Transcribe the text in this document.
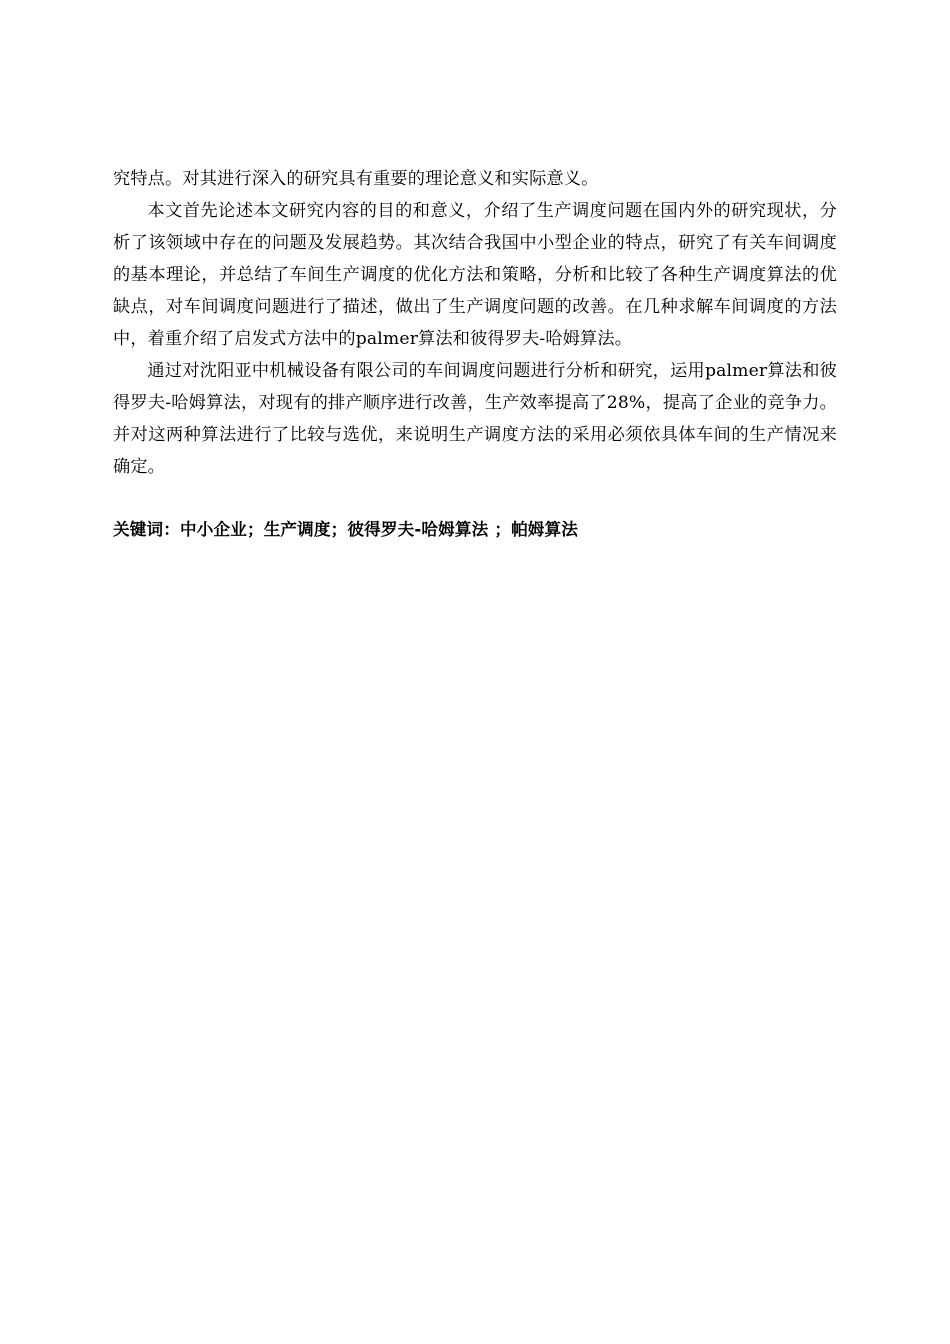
究特点。对其进行深入的研究具有重要的理论意义和实际意义。

本文首先论述本文研究内容的目的和意义，介绍了生产调度问题在国内外的研究现状，分析了该领域中存在的问题及发展趋势。其次结合我国中小型企业的特点，研究了有关车间调度的基本理论，并总结了车间生产调度的优化方法和策略，分析和比较了各种生产调度算法的优缺点，对车间调度问题进行了描述，做出了生产调度问题的改善。在几种求解车间调度的方法中，着重介绍了启发式方法中的palmer算法和彼得罗夫-哈姆算法。

通过对沈阳亚中机械设备有限公司的车间调度问题进行分析和研究，运用palmer算法和彼得罗夫-哈姆算法，对现有的排产顺序进行改善，生产效率提高了28%，提高了企业的竞争力。并对这两种算法进行了比较与选优，来说明生产调度方法的采用必须依具体车间的生产情况来确定。

关键词：中小企业；生产调度；彼得罗夫-哈姆算法 ；帕姆算法
